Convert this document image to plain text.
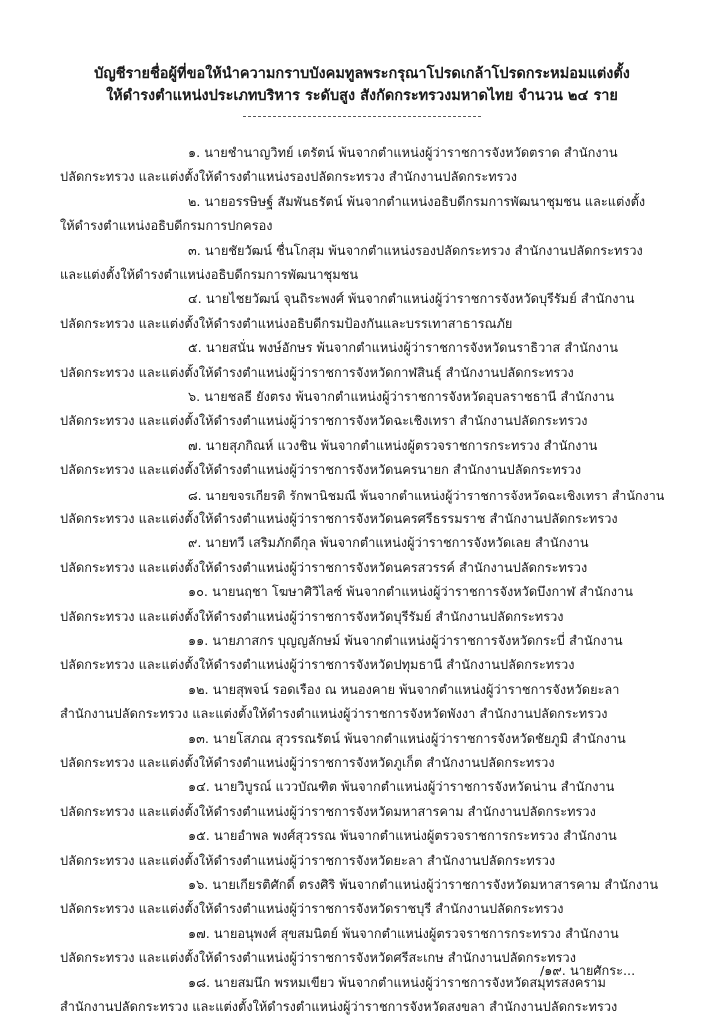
บัญชีรายชื่อผู้ที่ขอให้นำความกราบบังคมทูลพระกรุณาโปรดเกล้าโปรดกระหม่อมแต่งตั้ง
ให้ดำรงตำแหน่งประเภทบริหาร ระดับสูง สังกัดกระทรวงมหาดไทย จำนวน ๒๔ ราย
๑. นายชำนาญวิทย์ เตรัตน์ พ้นจากตำแหน่งผู้ว่าราชการจังหวัดตราด สำนักงาน
ปลัดกระทรวง และแต่งตั้งให้ดำรงตำแหน่งรองปลัดกระทรวง สำนักงานปลัดกระทรวง
๒. นายอรรษิษฐ์ สัมพันธรัตน์ พ้นจากตำแหน่งอธิบดีกรมการพัฒนาชุมชน และแต่งตั้ง
ให้ดำรงตำแหน่งอธิบดีกรมการปกครอง
๓. นายชัยวัฒน์ ชื่นโกสุม พ้นจากตำแหน่งรองปลัดกระทรวง สำนักงานปลัดกระทรวง
และแต่งตั้งให้ดำรงตำแหน่งอธิบดีกรมการพัฒนาชุมชน
๔. นายไชยวัฒน์ จุนถิระพงศ์ พ้นจากตำแหน่งผู้ว่าราชการจังหวัดบุรีรัมย์ สำนักงาน
ปลัดกระทรวง และแต่งตั้งให้ดำรงตำแหน่งอธิบดีกรมป้องกันและบรรเทาสาธารณภัย
๕. นายสนั่น พงษ์อักษร พ้นจากตำแหน่งผู้ว่าราชการจังหวัดนราธิวาส สำนักงาน
ปลัดกระทรวง และแต่งตั้งให้ดำรงตำแหน่งผู้ว่าราชการจังหวัดกาฬสินธุ์ สำนักงานปลัดกระทรวง
๖. นายชลธี ยังตรง พ้นจากตำแหน่งผู้ว่าราชการจังหวัดอุบลราชธานี สำนักงาน
ปลัดกระทรวง และแต่งตั้งให้ดำรงตำแหน่งผู้ว่าราชการจังหวัดฉะเชิงเทรา สำนักงานปลัดกระทรวง
๗. นายสุภกิณห์ แวงชิน พ้นจากตำแหน่งผู้ตรวจราชการกระทรวง สำนักงาน
ปลัดกระทรวง และแต่งตั้งให้ดำรงตำแหน่งผู้ว่าราชการจังหวัดนครนายก สำนักงานปลัดกระทรวง
๘. นายขจรเกียรติ รักพานิชมณี พ้นจากตำแหน่งผู้ว่าราชการจังหวัดฉะเชิงเทรา สำนักงาน
ปลัดกระทรวง และแต่งตั้งให้ดำรงตำแหน่งผู้ว่าราชการจังหวัดนครศรีธรรมราช สำนักงานปลัดกระทรวง
๙. นายทวี เสริมภักดีกุล พ้นจากตำแหน่งผู้ว่าราชการจังหวัดเลย สำนักงาน
ปลัดกระทรวง และแต่งตั้งให้ดำรงตำแหน่งผู้ว่าราชการจังหวัดนครสวรรค์ สำนักงานปลัดกระทรวง
๑๐. นายนฤชา โฆษาศิวิไลซ์ พ้นจากตำแหน่งผู้ว่าราชการจังหวัดบึงกาฬ สำนักงาน
ปลัดกระทรวง และแต่งตั้งให้ดำรงตำแหน่งผู้ว่าราชการจังหวัดบุรีรัมย์ สำนักงานปลัดกระทรวง
๑๑. นายภาสกร บุญญลักษม์ พ้นจากตำแหน่งผู้ว่าราชการจังหวัดกระบี่ สำนักงาน
ปลัดกระทรวง และแต่งตั้งให้ดำรงตำแหน่งผู้ว่าราชการจังหวัดปทุมธานี สำนักงานปลัดกระทรวง
๑๒. นายสุพจน์ รอดเรือง ณ หนองคาย พ้นจากตำแหน่งผู้ว่าราชการจังหวัดยะลา
สำนักงานปลัดกระทรวง และแต่งตั้งให้ดำรงตำแหน่งผู้ว่าราชการจังหวัดพังงา สำนักงานปลัดกระทรวง
๑๓. นายโสภณ สุวรรณรัตน์ พ้นจากตำแหน่งผู้ว่าราชการจังหวัดชัยภูมิ สำนักงาน
ปลัดกระทรวง และแต่งตั้งให้ดำรงตำแหน่งผู้ว่าราชการจังหวัดภูเก็ต สำนักงานปลัดกระทรวง
๑๔. นายวิบูรณ์ แววบัณฑิต พ้นจากตำแหน่งผู้ว่าราชการจังหวัดน่าน สำนักงาน
ปลัดกระทรวง และแต่งตั้งให้ดำรงตำแหน่งผู้ว่าราชการจังหวัดมหาสารคาม สำนักงานปลัดกระทรวง
๑๕. นายอำพล พงศ์สุวรรณ พ้นจากตำแหน่งผู้ตรวจราชการกระทรวง สำนักงาน
ปลัดกระทรวง และแต่งตั้งให้ดำรงตำแหน่งผู้ว่าราชการจังหวัดยะลา สำนักงานปลัดกระทรวง
๑๖. นายเกียรติศักดิ์ ตรงศิริ พ้นจากตำแหน่งผู้ว่าราชการจังหวัดมหาสารคาม สำนักงาน
ปลัดกระทรวง และแต่งตั้งให้ดำรงตำแหน่งผู้ว่าราชการจังหวัดราชบุรี สำนักงานปลัดกระทรวง
๑๗. นายอนุพงศ์ สุขสมนิตย์ พ้นจากตำแหน่งผู้ตรวจราชการกระทรวง สำนักงาน
ปลัดกระทรวง และแต่งตั้งให้ดำรงตำแหน่งผู้ว่าราชการจังหวัดศรีสะเกษ สำนักงานปลัดกระทรวง
๑๘. นายสมนึก พรหมเขียว พ้นจากตำแหน่งผู้ว่าราชการจังหวัดสมุทรสงคราม
สำนักงานปลัดกระทรวง และแต่งตั้งให้ดำรงตำแหน่งผู้ว่าราชการจังหวัดสงขลา สำนักงานปลัดกระทรวง
/๑๙. นายศักระ...
